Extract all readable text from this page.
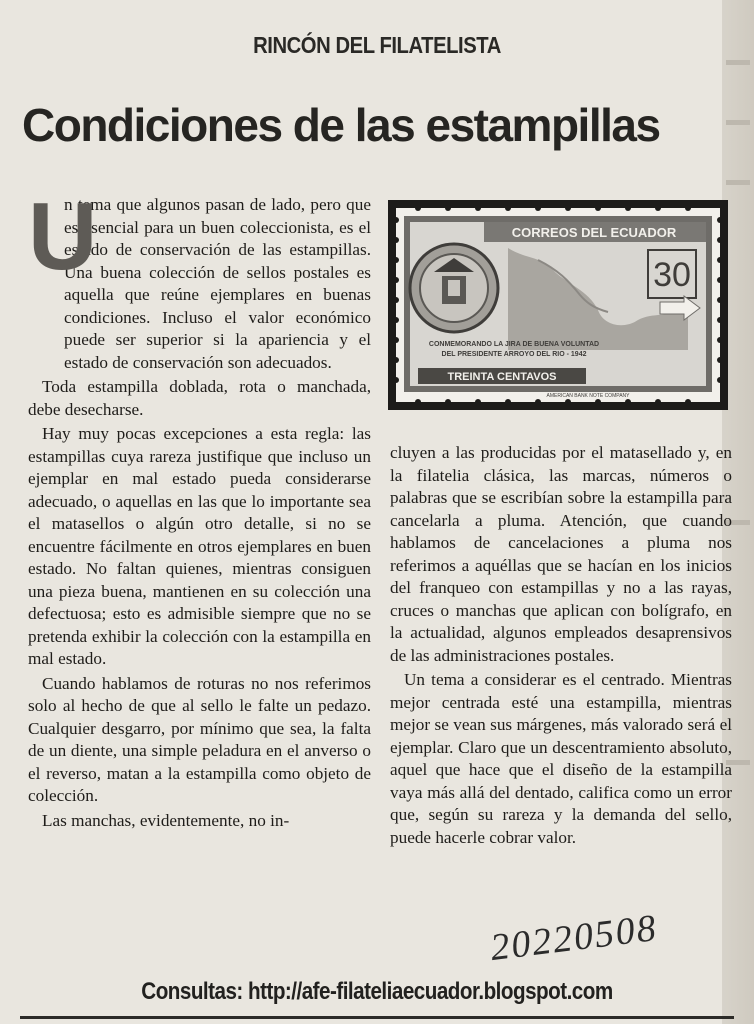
RINCÓN DEL FILATELISTA
Condiciones de las estampillas
U

n tema que algunos pasan de lado, pero que es esencial para un buen coleccionista, es el estado de conservación de las estampillas. Una buena colección de sellos postales es aquella que reúne ejemplares en buenas condiciones. Incluso el valor económico puede ser superior si la apariencia y el estado de conservación son adecuados.

Toda estampilla doblada, rota o manchada, debe desecharse.

Hay muy pocas excepciones a esta regla: las estampillas cuya rareza justifique que incluso un ejemplar en mal estado pueda considerarse adecuado, o aquellas en las que lo importante sea el matasellos o algún otro detalle, si no se encuentre fácilmente en otros ejemplares en buen estado. No faltan quienes, mientras consiguen una pieza buena, mantienen en su colección una defectuosa; esto es admisible siempre que no se pretenda exhibir la colección con la estampilla en mal estado.

Cuando hablamos de roturas no nos referimos solo al hecho de que al sello le falte un pedazo. Cualquier desgarro, por mínimo que sea, la falta de un diente, una simple peladura en el anverso o el reverso, matan a la estampilla como objeto de colección.

Las manchas, evidentemente, no in-

CORREOS DEL ECUADOR
30
CONMEMORANDO LA JIRA DE BUENA VOLUNTAD
DEL PRESIDENTE ARROYO DEL RIO - 1942
TREINTA CENTAVOS
AMERICAN BANK NOTE COMPANY

cluyen a las producidas por el matasellado y, en la filatelia clásica, las marcas, números o palabras que se escribían sobre la estampilla para cancelarla a pluma. Atención, que cuando hablamos de cancelaciones a pluma nos referimos a aquéllas que se hacían en los inicios del franqueo con estampillas y no a las rayas, cruces o manchas que aplican con bolígrafo, en la actualidad, algunos empleados desaprensivos de las administraciones postales.

Un tema a considerar es el centrado. Mientras mejor centrada esté una estampilla, mientras mejor se vean sus márgenes, más valorado será el ejemplar. Claro que un descentramiento absoluto, aquel que hace que el diseño de la estampilla vaya más allá del dentado, califica como un error que, según su rareza y la demanda del sello, puede hacerle cobrar valor.

20220508
Consultas: http://afe-filateliaecuador.blogspot.com
